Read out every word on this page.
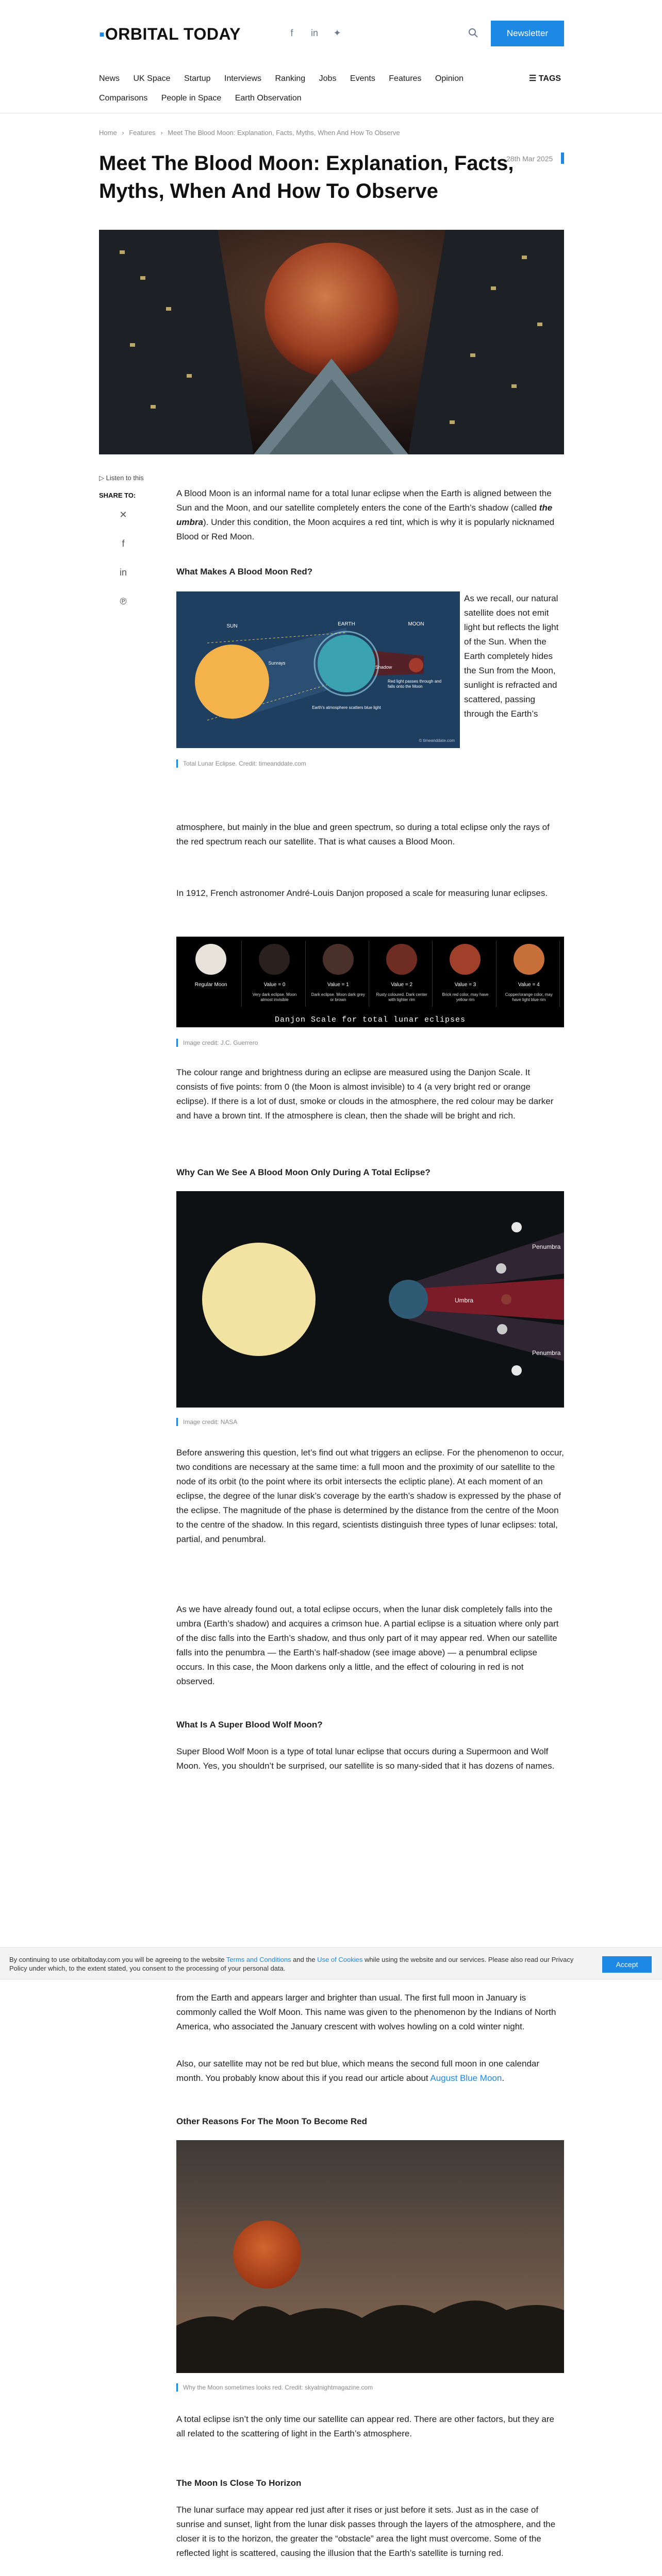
▪ORBITAL TODAY	f	in	✦	Newsletter
News UK Space Startup Interviews Ranking Jobs Events Features Opinion
Comparisons People in Space Earth Observation
☰ TAGS
Home › Features › Meet The Blood Moon: Explanation, Facts, Myths, When And How To Observe
Meet The Blood Moon: Explanation, Facts, Myths, When And How To Observe
28th Mar 2025
▷ Listen to this
SHARE TO:
✕
f
in
℗

A Blood Moon is an informal name for a total lunar eclipse when the Earth is aligned between the Sun and the Moon, and our satellite completely enters the cone of the Earth’s shadow (called the umbra). Under this condition, the Moon acquires a red tint, which is why it is popularly nicknamed Blood or Red Moon.

What Makes A Blood Moon Red?
SUN	EARTH	MOON
Sunrays
Shadow
Earth's atmosphere scatters blue light
Red light passes through and falls onto the Moon
© timeanddate.com

As we recall, our natural satellite does not emit light but reflects the light of the Sun. When the Earth completely hides the Sun from the Moon, sunlight is refracted and scattered, passing through the Earth’s

atmosphere, but mainly in the blue and green spectrum, so during a total eclipse only the rays of the red spectrum reach our satellite. That is what causes a Blood Moon.

Total Lunar Eclipse. Credit: timeanddate.com

In 1912, French astronomer André-Louis Danjon proposed a scale for measuring lunar eclipses.

Regular Moon	Value = 0
Very dark eclipse. Moon almost invisible
Value = 1
Dark eclipse. Moon dark grey or brown
Value = 2
Rusty coloured. Dark center with lighter rim
Value = 3
Brick red color, may have yellow rim
Value = 4
Copper/orange color, may have light blue rim
Danjon Scale for total lunar eclipses
Image credit: J.C. Guerrero

The colour range and brightness during an eclipse are measured using the Danjon Scale. It consists of five points: from 0 (the Moon is almost invisible) to 4 (a very bright red or orange eclipse). If there is a lot of dust, smoke or clouds in the atmosphere, the red colour may be darker and have a brown tint. If the atmosphere is clean, then the shade will be bright and rich.

Why Can We See A Blood Moon Only During A Total Eclipse?
Umbra
Penumbra
Penumbra
Image credit: NASA

Before answering this question, let’s find out what triggers an eclipse. For the phenomenon to occur, two conditions are necessary at the same time: a full moon and the proximity of our satellite to the node of its orbit (to the point where its orbit intersects the ecliptic plane). At each moment of an eclipse, the degree of the lunar disk’s coverage by the earth’s shadow is expressed by the phase of the eclipse. The magnitude of the phase is determined by the distance from the centre of the Moon to the centre of the shadow. In this regard, scientists distinguish three types of lunar eclipses: total, partial, and penumbral.

As we have already found out, a total eclipse occurs, when the lunar disk completely falls into the umbra (Earth’s shadow) and acquires a crimson hue. A partial eclipse is a situation where only part of the disc falls into the Earth’s shadow, and thus only part of it may appear red. When our satellite falls into the penumbra — the Earth’s half-shadow (see image above) — a penumbral eclipse occurs. In this case, the Moon darkens only a little, and the effect of colouring in red is not observed.

What Is A Super Blood Wolf Moon?

Super Blood Wolf Moon is a type of total lunar eclipse that occurs during a Supermoon and Wolf Moon. Yes, you shouldn’t be surprised, our satellite is so many-sided that it has dozens of names.

from the Earth and appears larger and brighter than usual. The first full moon in January is commonly called the Wolf Moon. This name was given to the phenomenon by the Indians of North America, who associated the January crescent with wolves howling on a cold winter night.

Also, our satellite may not be red but blue, which means the second full moon in one calendar month. You probably know about this if you read our article about August Blue Moon.

Other Reasons For The Moon To Become Red
Why the Moon sometimes looks red. Credit: skyatnightmagazine.com

A total eclipse isn’t the only time our satellite can appear red. There are other factors, but they are all related to the scattering of light in the Earth’s atmosphere.

The Moon Is Close To Horizon

The lunar surface may appear red just after it rises or just before it sets. Just as in the case of sunrise and sunset, light from the lunar disk passes through the layers of the atmosphere, and the closer it is to the horizon, the greater the “obstacle” area the light must overcome. Some of the reflected light is scattered, causing the illusion that the Earth’s satellite is turning red.

By continuing to use orbitaltoday.com you will be agreeing to the website Terms and Conditions and the Use of Cookies while using the website and our services. Please also read our Privacy Policy under which, to the extent stated, you consent to the processing of your personal data.	Accept
